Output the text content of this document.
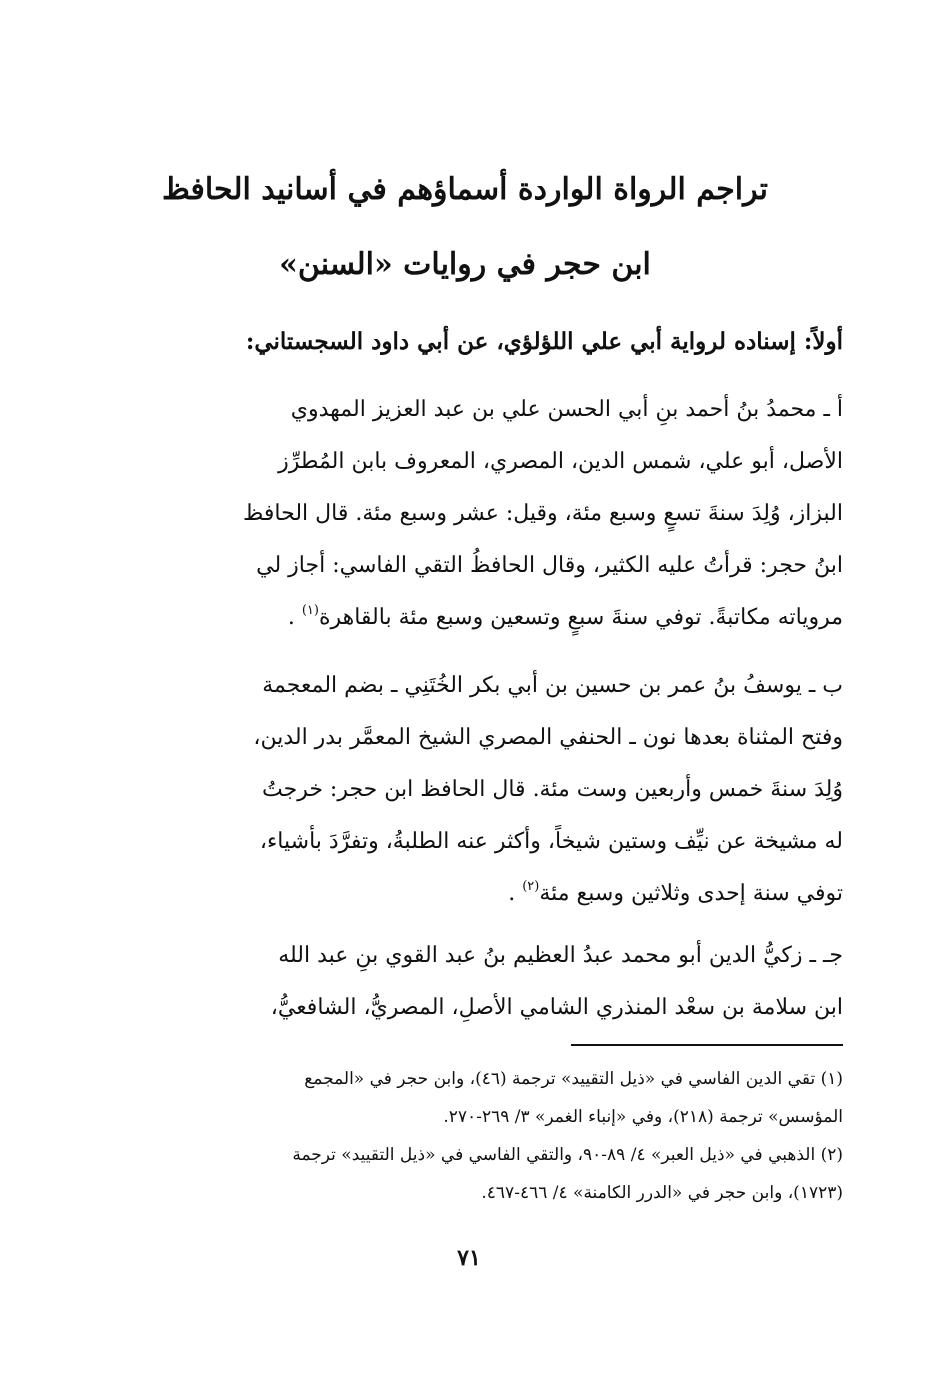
تراجم الرواة الواردة أسماؤهم في أسانيد الحافظ
ابن حجر في روايات «السنن»
أولاً: إسناده لرواية أبي علي اللؤلؤي، عن أبي داود السجستاني:
أ ـ محمدُ بنُ أحمد بنِ أبي الحسن علي بن عبد العزيز المهدوي
الأصل، أبو علي، شمس الدين، المصري، المعروف بابن المُطرِّز
البزاز، وُلِدَ سنةَ تسعٍ وسبع مئة، وقيل: عشر وسبع مئة. قال الحافظ
ابنُ حجر: قرأتُ عليه الكثير، وقال الحافظُ التقي الفاسي: أجاز لي
مروياته مكاتبةً. توفي سنةَ سبعٍ وتسعين وسبع مئة بالقاهرة$^{(١)}$ .
ب ـ يوسفُ بنُ عمر بن حسين بن أبي بكر الخُتَنِي ـ بضم المعجمة
وفتح المثناة بعدها نون ـ الحنفي المصري الشيخ المعمَّر بدر الدين،
وُلِدَ سنةَ خمس وأربعين وست مئة. قال الحافظ ابن حجر: خرجتُ
له مشيخة عن نيِّف وستين شيخاً، وأكثر عنه الطلبةُ، وتفرَّدَ بأشياء،
توفي سنة إحدى وثلاثين وسبع مئة$^{(٢)}$ .
جـ ـ زكيُّ الدين أبو محمد عبدُ العظيم بنُ عبد القوي بنِ عبد الله
ابن سلامة بن سعْد المنذري الشامي الأصلِ، المصريُّ، الشافعيُّ،
(١) تقي الدين الفاسي في «ذيل التقييد» ترجمة (٤٦)، وابن حجر في «المجمع
المؤسس» ترجمة (٢١٨)، وفي «إنباء الغمر» ٣/ ٢٦٩-٢٧٠.
(٢) الذهبي في «ذيل العبر» ٤/ ٨٩-٩٠، والتقي الفاسي في «ذيل التقييد» ترجمة
(١٧٢٣)، وابن حجر في «الدرر الكامنة» ٤/ ٤٦٦-٤٦٧.
٧١
